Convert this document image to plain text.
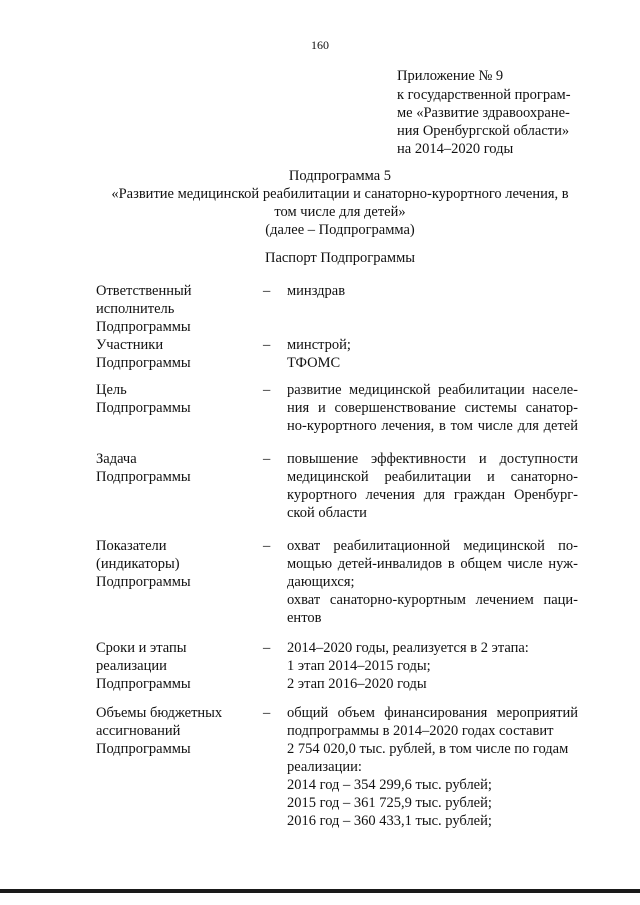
160
Приложение № 9
к государственной програм-
ме «Развитие здравоохране-
ния Оренбургской области»
на 2014–2020 годы
Подпрограмма 5
«Развитие медицинской реабилитации и санаторно-курортного лечения, в
том числе для детей»
(далее – Подпрограмма)
Паспорт Подпрограммы
Ответственный
исполнитель
Подпрограммы
– минздрав
Участники
Подпрограммы
– минстрой;
ТФОМС
Цель
Подпрограммы
– развитие медицинской реабилитации населе-
ния и совершенствование системы санатор-
но-курортного лечения, в том числе для детей
Задача
Подпрограммы
– повышение эффективности и доступности
медицинской реабилитации и санаторно-
курортного лечения для граждан Оренбург-
ской области
Показатели
(индикаторы)
Подпрограммы
– охват реабилитационной медицинской по-
мощью детей-инвалидов в общем числе нуж-
дающихся;
охват санаторно-курортным лечением паци-
ентов
Сроки и этапы
реализации
Подпрограммы
– 2014–2020 годы, реализуется в 2 этапа:
1 этап 2014–2015 годы;
2 этап 2016–2020 годы
Объемы бюджетных
ассигнований
Подпрограммы
– общий объем финансирования мероприятий
подпрограммы в 2014–2020 годах составит
2 754 020,0 тыс. рублей, в том числе по годам
реализации:
2014 год – 354 299,6 тыс. рублей;
2015 год – 361 725,9 тыс. рублей;
2016 год – 360 433,1 тыс. рублей;
